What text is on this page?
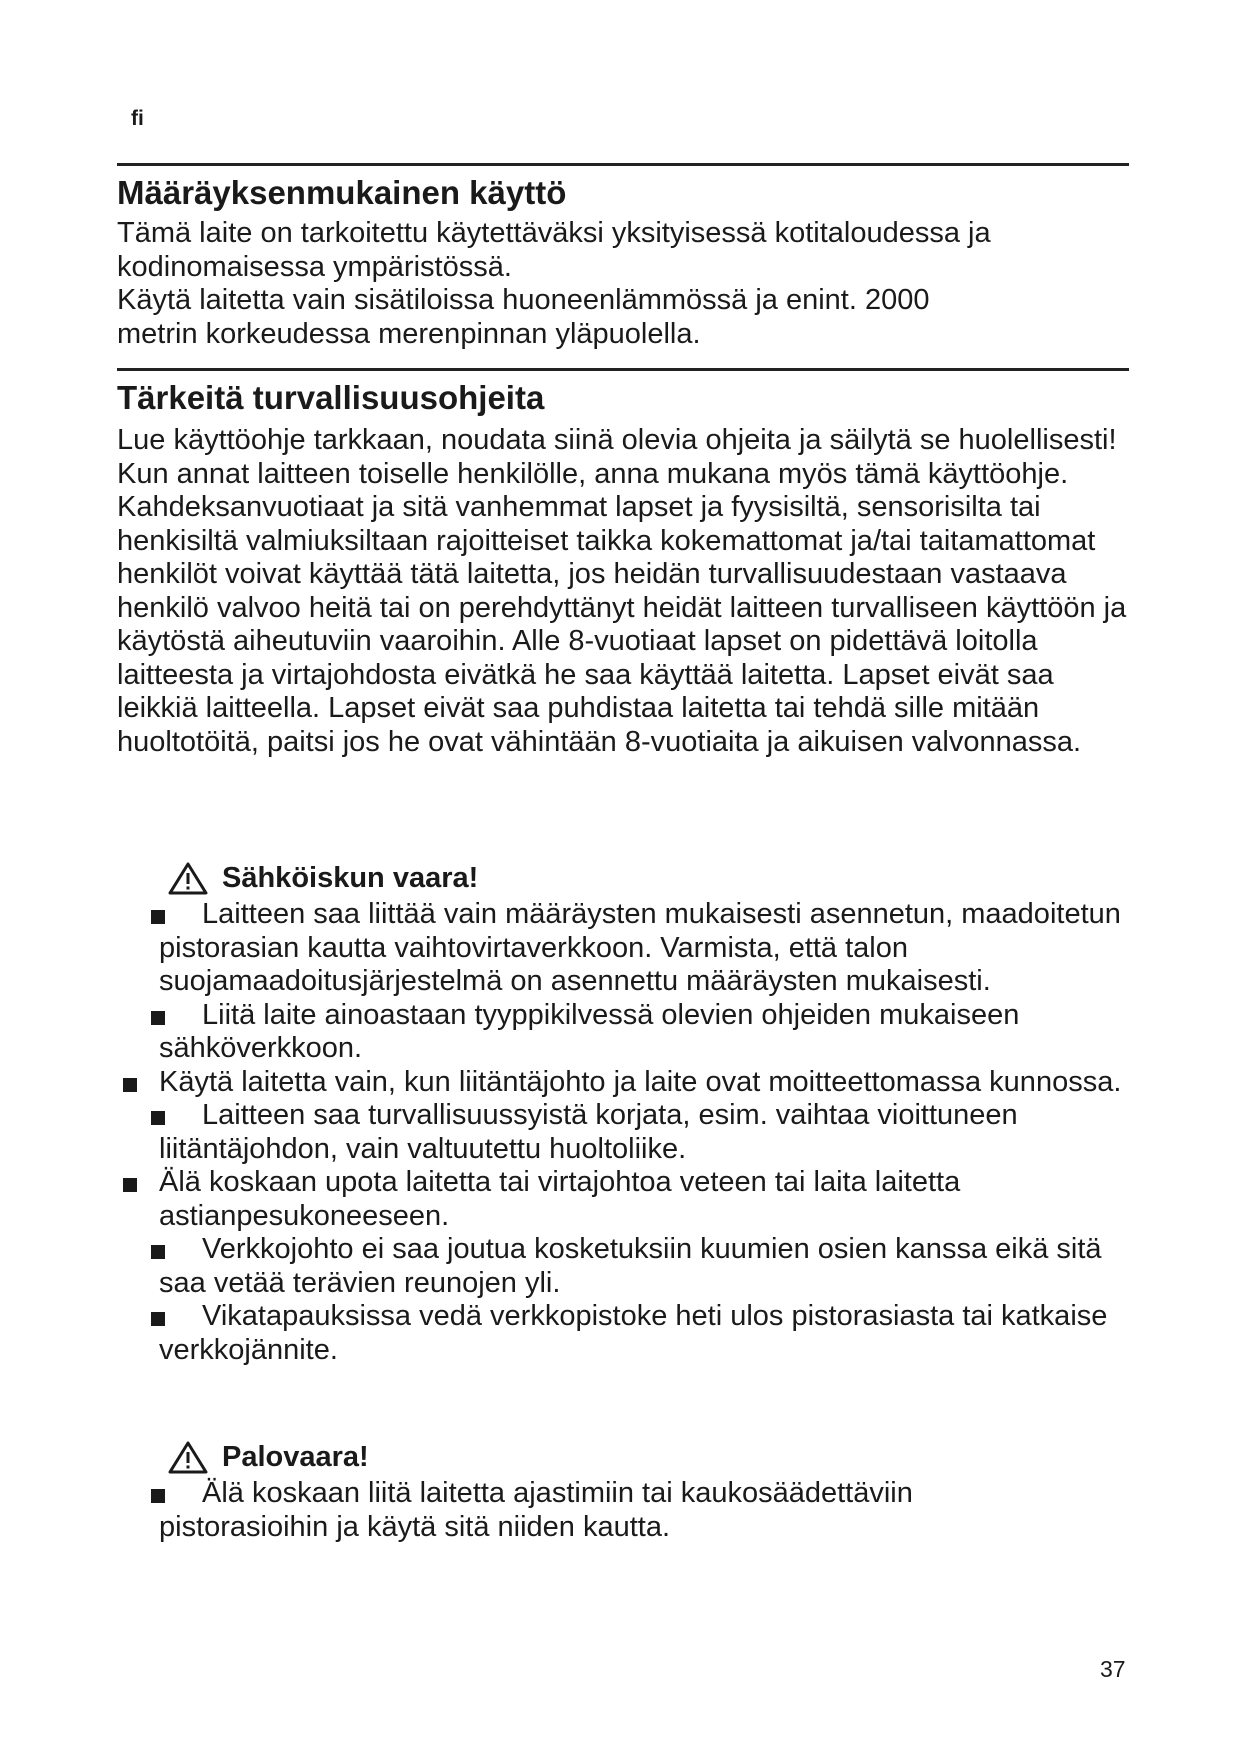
fi
Määräyksenmukainen käyttö

Tämä laite on tarkoitettu käytettäväksi yksityisessä kotitaloudessa ja kodinomaisessa ympäristössä.

Käytä laitetta vain sisätiloissa huoneenlämmössä ja enint. 2000 metrin korkeudessa merenpinnan yläpuolella.

Tärkeitä turvallisuusohjeita

Lue käyttöohje tarkkaan, noudata siinä olevia ohjeita ja säilytä se huolellisesti! Kun annat laitteen toiselle henkilölle, anna mukana myös tämä käyttöohje.

Kahdeksanvuotiaat ja sitä vanhemmat lapset ja fyysisiltä, sensorisilta tai henkisiltä valmiuksiltaan rajoitteiset taikka kokemattomat ja/tai taitamattomat henkilöt voivat käyttää tätä laitetta, jos heidän turvallisuudestaan vastaava henkilö valvoo heitä tai on perehdyttänyt heidät laitteen turvalliseen käyttöön ja käytöstä aiheutuviin vaaroihin. Alle 8-vuotiaat lapset on pidettävä loitolla laitteesta ja virtajohdosta eivätkä he saa käyttää laitetta. Lapset eivät saa leikkiä laitteella. Lapset eivät saa puhdistaa laitetta tai tehdä sille mitään huoltotöitä, paitsi jos he ovat vähintään 8-vuotiaita ja aikuisen valvonnassa.

Sähköiskun vaara!
Laitteen saa liittää vain määräysten mukaisesti asennetun, maadoitetun pistorasian kautta vaihtovirtaverkkoon. Varmista, että talon suojamaadoitusjärjestelmä on asennettu määräysten mukaisesti.
Liitä laite ainoastaan tyyppikilvessä olevien ohjeiden mukaiseen sähköverkkoon.
Käytä laitetta vain, kun liitäntäjohto ja laite ovat moitteettomassa kunnossa.
Laitteen saa turvallisuussyistä korjata, esim. vaihtaa vioittuneen liitäntäjohdon, vain valtuutettu huoltoliike.
Älä koskaan upota laitetta tai virtajohtoa veteen tai laita laitetta astianpesukoneeseen.
Verkkojohto ei saa joutua kosketuksiin kuumien osien kanssa eikä sitä saa vetää terävien reunojen yli.
Vikatapauksissa vedä verkkopistoke heti ulos pistorasiasta tai katkaise verkkojännite.
Palovaara!
Älä koskaan liitä laitetta ajastimiin tai kaukosäädettäviin pistorasioihin ja käytä sitä niiden kautta.
37
